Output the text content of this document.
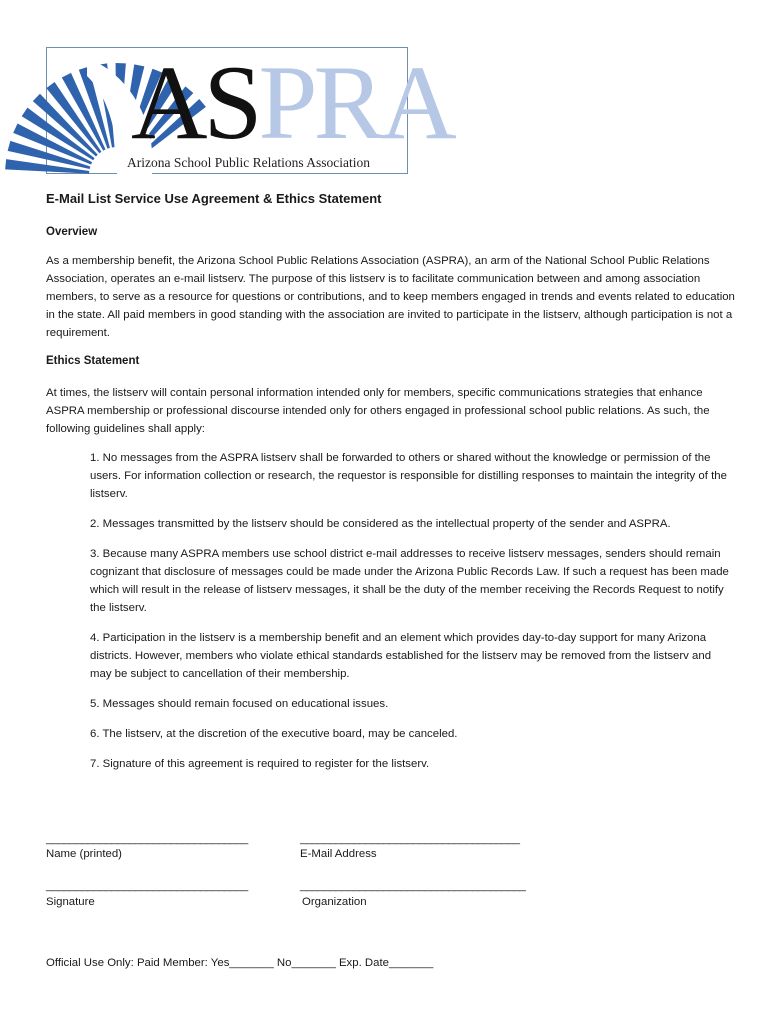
ASPRA
Arizona School Public Relations Association
E-Mail List Service Use Agreement & Ethics Statement
Overview

As a membership benefit, the Arizona School Public Relations Association (ASPRA), an arm of the National School Public Relations Association, operates an e-mail listserv. The purpose of this listserv is to facilitate communication between and among association members, to serve as a resource for questions or contributions, and to keep members engaged in trends and events related to education in the state. All paid members in good standing with the association are invited to participate in the listserv, although participation is not a requirement.

Ethics Statement

At times, the listserv will contain personal information intended only for members, specific communications strategies that enhance ASPRA membership or professional discourse intended only for others engaged in professional school public relations. As such, the following guidelines shall apply:

1. No messages from the ASPRA listserv shall be forwarded to others or shared without the knowledge or permission of the users. For information collection or research, the requestor is responsible for distilling responses to maintain the integrity of the listserv.
2. Messages transmitted by the listserv should be considered as the intellectual property of the sender and ASPRA.
3. Because many ASPRA members use school district e-mail addresses to receive listserv messages, senders should remain cognizant that disclosure of messages could be made under the Arizona Public Records Law. If such a request has been made which will result in the release of listserv messages, it shall be the duty of the member receiving the Records Request to notify the listserv.
4. Participation in the listserv is a membership benefit and an element which provides day-to-day support for many Arizona districts. However, members who violate ethical standards established for the listserv may be removed from the listserv and may be subject to cancellation of their membership.
5. Messages should remain focused on educational issues.
6. The listserv, at the discretion of the executive board, may be canceled.
7. Signature of this agreement is required to register for the listserv.
__________________________________	_____________________________________
Name (printed)	E-Mail Address
__________________________________	______________________________________
Signature	Organization
Official Use Only: Paid Member: Yes_______ No_______ Exp. Date_______
